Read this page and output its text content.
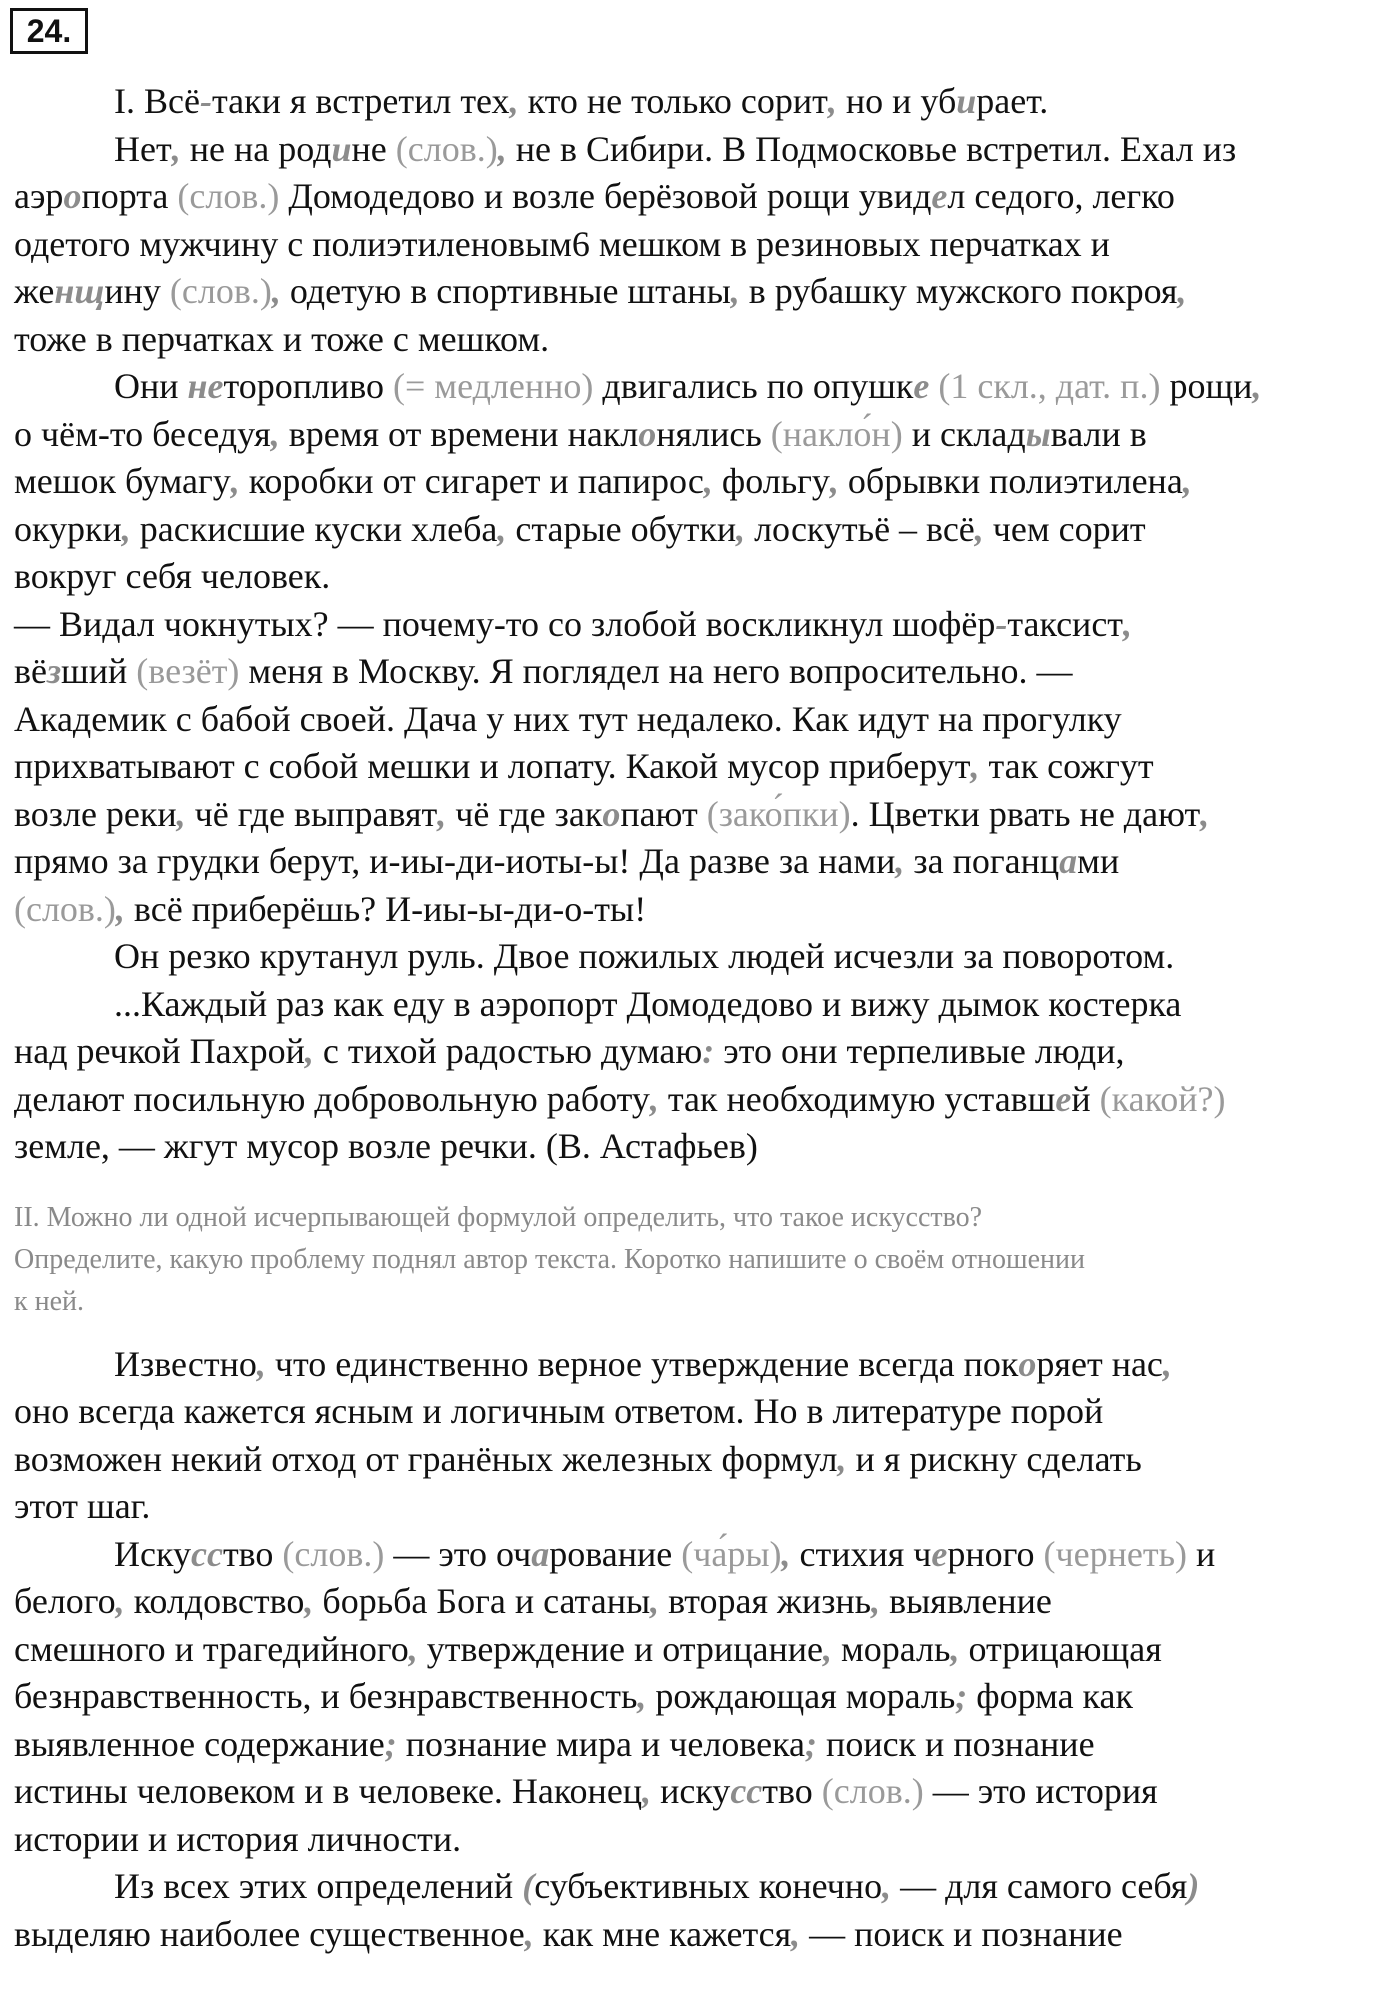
24.
I. Всё-таки я встретил тех, кто не только сорит, но и убирает.
Нет, не на родине (слов.), не в Сибири. В Подмосковье встретил. Ехал из
аэропорта (слов.) Домодедово и возле берёзовой рощи увидел седого, легко
одетого мужчину с полиэтиленовым6 мешком в резиновых перчатках и
женщину (слов.), одетую в спортивные штаны, в рубашку мужского покроя,
тоже в перчатках и тоже с мешком.
Они неторопливо (= медленно) двигались по опушке (1 скл., дат. п.) рощи,
о чём-то беседуя, время от времени наклонялись (накло́н) и складывали в
мешок бумагу, коробки от сигарет и папирос, фольгу, обрывки полиэтилена,
окурки, раскисшие куски хлеба, старые обутки, лоскутьё – всё, чем сорит
вокруг себя человек.
— Видал чокнутых? — почему-то со злобой воскликнул шофёр-таксист,
вёзший (везёт) меня в Москву. Я поглядел на него вопросительно. —
Академик с бабой своей. Дача у них тут недалеко. Как идут на прогулку
прихватывают с собой мешки и лопату. Какой мусор приберут, так сожгут
возле реки, чё где выправят, чё где закопают (зако́пки). Цветки рвать не дают,
прямо за грудки берут, и-иы-ди-иоты-ы! Да разве за нами, за поганцами
(слов.), всё приберёшь? И-иы-ы-ди-о-ты!
Он резко крутанул руль. Двое пожилых людей исчезли за поворотом.
...Каждый раз как еду в аэропорт Домодедово и вижу дымок костерка
над речкой Пахрой, с тихой радостью думаю: это они терпеливые люди,
делают посильную добровольную работу, так необходимую уставшей (какой?)
земле, — жгут мусор возле речки. (В. Астафьев)
II. Можно ли одной исчерпывающей формулой определить, что такое искусство?
Определите, какую проблему поднял автор текста. Коротко напишите о своём отношении
к ней.
Известно, что единственно верное утверждение всегда покоряет нас,
оно всегда кажется ясным и логичным ответом. Но в литературе порой
возможен некий отход от гранёных железных формул, и я рискну сделать
этот шаг.
Искусство (слов.) — это очарование (ча́ры), стихия черного (чернеть) и
белого, колдовство, борьба Бога и сатаны, вторая жизнь, выявление
смешного и трагедийного, утверждение и отрицание, мораль, отрицающая
безнравственность, и безнравственность, рождающая мораль; форма как
выявленное содержание; познание мира и человека; поиск и познание
истины человеком и в человеке. Наконец, искусство (слов.) — это история
истории и история личности.
Из всех этих определений (субъективных конечно, — для самого себя)
выделяю наиболее существенное, как мне кажется, — поиск и познание
